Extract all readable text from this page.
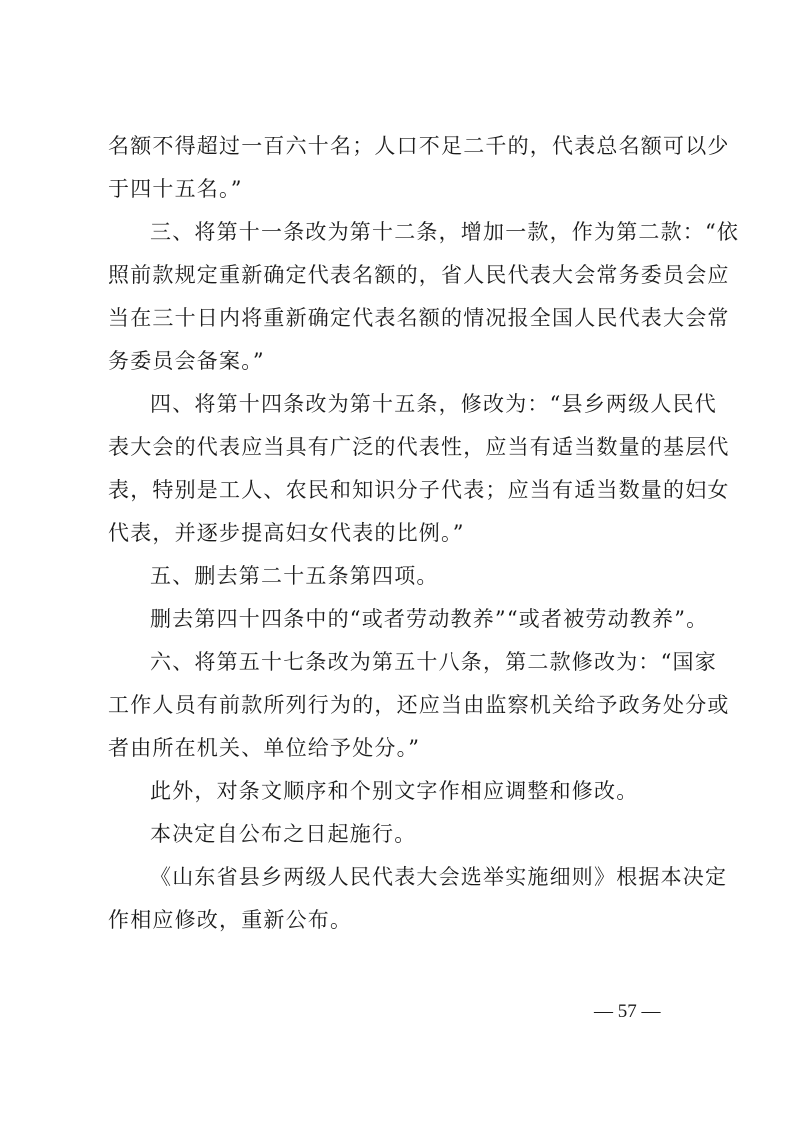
名额不得超过一百六十名；人口不足二千的，代表总名额可以少
于四十五名。”
三、将第十一条改为第十二条，增加一款，作为第二款：“依
照前款规定重新确定代表名额的，省人民代表大会常务委员会应
当在三十日内将重新确定代表名额的情况报全国人民代表大会常
务委员会备案。”
四、将第十四条改为第十五条，修改为：“县乡两级人民代
表大会的代表应当具有广泛的代表性，应当有适当数量的基层代
表，特别是工人、农民和知识分子代表；应当有适当数量的妇女
代表，并逐步提高妇女代表的比例。”
五、删去第二十五条第四项。
删去第四十四条中的“或者劳动教养”“或者被劳动教养”。
六、将第五十七条改为第五十八条，第二款修改为：“国家
工作人员有前款所列行为的，还应当由监察机关给予政务处分或
者由所在机关、单位给予处分。”
此外，对条文顺序和个别文字作相应调整和修改。
本决定自公布之日起施行。
《山东省县乡两级人民代表大会选举实施细则》根据本决定
作相应修改，重新公布。
— 57 —
